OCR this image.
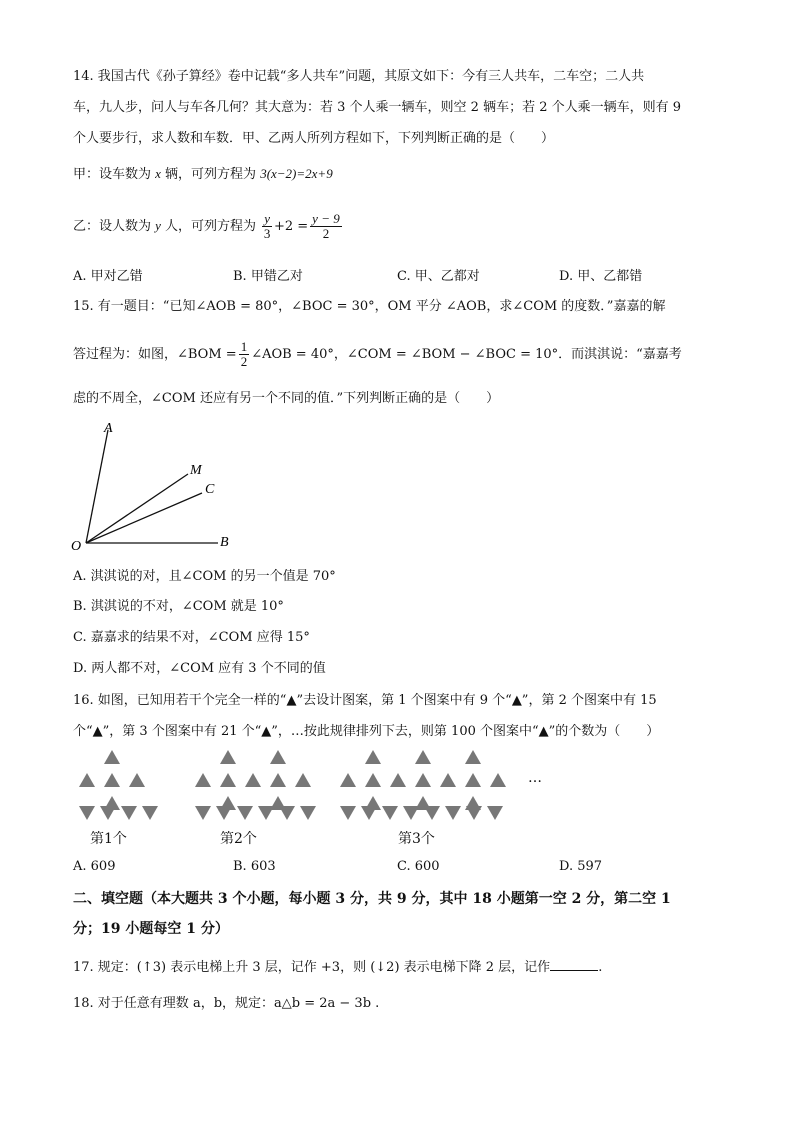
14. 我国古代《孙子算经》卷中记载“多人共车”问题，其原文如下：今有三人共车，二车空；二人共
车，九人步，问人与车各几何？其大意为：若 3 个人乘一辆车，则空 2 辆车；若 2 个人乘一辆车，则有 9
个人要步行，求人数和车数．甲、乙两人所列方程如下，下列判断正确的是（　　）
甲：设车数为 x 辆，可列方程为 3(x−2)=2x+9
乙：设人数为 y 人，可列方程为 $\frac{y}{3} +2 = \frac{y - 9}{2}$
A. 甲对乙错	B. 甲错乙对	C. 甲、乙都对	D. 甲、乙都错
15. 有一题目：“已知∠AOB = 80°，∠BOC = 30°，OM 平分 ∠AOB，求∠COM 的度数．”嘉嘉的解
答过程为：如图，∠BOM = $\frac{1}{2}$ ∠AOB = 40°，∠COM = ∠BOM − ∠BOC = 10°．而淇淇说：“嘉嘉考
虑的不周全，∠COM 还应有另一个不同的值．”下列判断正确的是（　　）
A
M
C
O	B
A. 淇淇说的对，且∠COM 的另一个值是 70°
B. 淇淇说的不对，∠COM 就是 10°
C. 嘉嘉求的结果不对，∠COM 应得 15°
D. 两人都不对，∠COM 应有 3 个不同的值
16. 如图，已知用若干个完全一样的“▲”去设计图案，第 1 个图案中有 9 个“▲”，第 2 个图案中有 15
个“▲”，第 3 个图案中有 21 个“▲”，…按此规律排列下去，则第 100 个图案中“▲”的个数为（　　）
第1个	第2个	第3个
…
A. 609	B. 603	C. 600	D. 597
二、填空题（本大题共 3 个小题，每小题 3 分，共 9 分，其中 18 小题第一空 2 分，第二空 1
分；19 小题每空 1 分）
17. 规定：(↑3) 表示电梯上升 3 层，记作 +3，则 (↓2) 表示电梯下降 2 层，记作	.
18. 对于任意有理数 a，b，规定：a△b = 2a − 3b .
